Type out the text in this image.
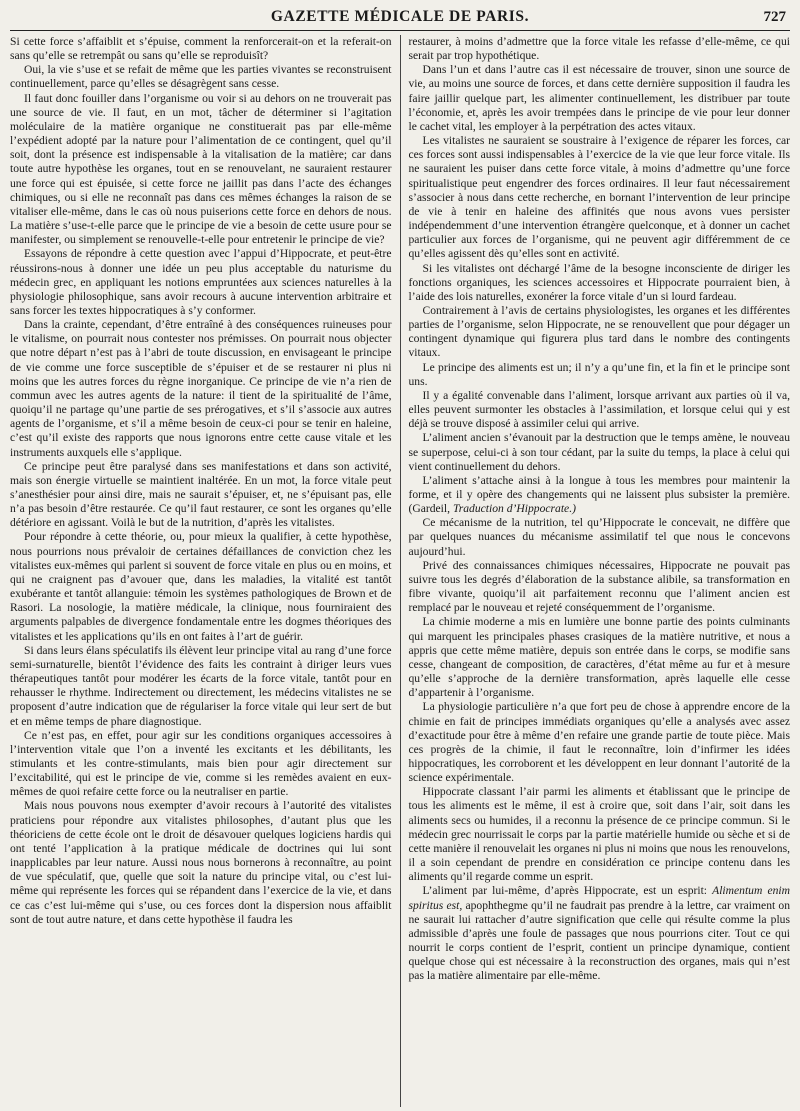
GAZETTE MÉDICALE DE PARIS.	727

Si cette force s’affaiblit et s’épuise, comment la renforcerait-on et la referait-on sans qu’elle se retrempât ou sans qu’elle se reproduisît?

Oui, la vie s’use et se refait de même que les parties vivantes se reconstruisent continuellement, parce qu’elles se désagrègent sans cesse.

Il faut donc fouiller dans l’organisme ou voir si au dehors on ne trouverait pas une source de vie. Il faut, en un mot, tâcher de déterminer si l’agitation moléculaire de la matière organique ne constituerait pas par elle-même l’expédient adopté par la nature pour l’alimentation de ce contingent, quel qu’il soit, dont la présence est indispensable à la vitalisation de la matière; car dans toute autre hypothèse les organes, tout en se renouvelant, ne sauraient restaurer une force qui est épuisée, si cette force ne jaillit pas dans l’acte des échanges chimiques, ou si elle ne reconnaît pas dans ces mêmes échanges la raison de se vitaliser elle-même, dans le cas où nous puiserions cette force en dehors de nous. La matière s’use-t-elle parce que le principe de vie a besoin de cette usure pour se manifester, ou simplement se renouvelle-t-elle pour entretenir le principe de vie?

Essayons de répondre à cette question avec l’appui d’Hippocrate, et peut-être réussirons-nous à donner une idée un peu plus acceptable du naturisme du médecin grec, en appliquant les notions empruntées aux sciences naturelles à la physiologie philosophique, sans avoir recours à aucune intervention arbitraire et sans forcer les textes hippocratiques à s’y conformer.

Dans la crainte, cependant, d’être entraîné à des conséquences ruineuses pour le vitalisme, on pourrait nous contester nos prémisses. On pourrait nous objecter que notre départ n’est pas à l’abri de toute discussion, en envisageant le principe de vie comme une force susceptible de s’épuiser et de se restaurer ni plus ni moins que les autres forces du règne inorganique. Ce principe de vie n’a rien de commun avec les autres agents de la nature: il tient de la spiritualité de l’âme, quoiqu’il ne partage qu’une partie de ses prérogatives, et s’il s’associe aux autres agents de l’organisme, et s’il a même besoin de ceux-ci pour se tenir en haleine, c’est qu’il existe des rapports que nous ignorons entre cette cause vitale et les instruments auxquels elle s’applique.

Ce principe peut être paralysé dans ses manifestations et dans son activité, mais son énergie virtuelle se maintient inaltérée. En un mot, la force vitale peut s’anesthésier pour ainsi dire, mais ne saurait s’épuiser, et, ne s’épuisant pas, elle n’a pas besoin d’être restaurée. Ce qu’il faut restaurer, ce sont les organes qu’elle détériore en agissant. Voilà le but de la nutrition, d’après les vitalistes.

Pour répondre à cette théorie, ou, pour mieux la qualifier, à cette hypothèse, nous pourrions nous prévaloir de certaines défaillances de conviction chez les vitalistes eux-mêmes qui parlent si souvent de force vitale en plus ou en moins, et qui ne craignent pas d’avouer que, dans les maladies, la vitalité est tantôt exubérante et tantôt allanguie: témoin les systèmes pathologiques de Brown et de Rasori. La nosologie, la matière médicale, la clinique, nous fourniraient des arguments palpables de divergence fondamentale entre les dogmes théoriques des vitalistes et les applications qu’ils en ont faites à l’art de guérir.

Si dans leurs élans spéculatifs ils élèvent leur principe vital au rang d’une force semi-surnaturelle, bientôt l’évidence des faits les contraint à diriger leurs vues thérapeutiques tantôt pour modérer les écarts de la force vitale, tantôt pour en rehausser le rhythme. Indirectement ou directement, les médecins vitalistes ne se proposent d’autre indication que de régulariser la force vitale qui leur sert de but et en même temps de phare diagnostique.

Ce n’est pas, en effet, pour agir sur les conditions organiques accessoires à l’intervention vitale que l’on a inventé les excitants et les débilitants, les stimulants et les contre-stimulants, mais bien pour agir directement sur l’excitabilité, qui est le principe de vie, comme si les remèdes avaient en eux-mêmes de quoi refaire cette force ou la neutraliser en partie.

Mais nous pouvons nous exempter d’avoir recours à l’autorité des vitalistes praticiens pour répondre aux vitalistes philosophes, d’autant plus que les théoriciens de cette école ont le droit de désavouer quelques logiciens hardis qui ont tenté l’application à la pratique médicale de doctrines qui lui sont inapplicables par leur nature. Aussi nous nous bornerons à reconnaître, au point de vue spéculatif, que, quelle que soit la nature du principe vital, ou c’est lui-même qui représente les forces qui se répandent dans l’exercice de la vie, et dans ce cas c’est lui-même qui s’use, ou ces forces dont la dispersion nous affaiblit sont de tout autre nature, et dans cette hypothèse il faudra les

restaurer, à moins d’admettre que la force vitale les refasse d’elle-même, ce qui serait par trop hypothétique.

Dans l’un et dans l’autre cas il est nécessaire de trouver, sinon une source de vie, au moins une source de forces, et dans cette dernière supposition il faudra les faire jaillir quelque part, les alimenter continuellement, les distribuer par toute l’économie, et, après les avoir trempées dans le principe de vie pour leur donner le cachet vital, les employer à la perpétration des actes vitaux.

Les vitalistes ne sauraient se soustraire à l’exigence de réparer les forces, car ces forces sont aussi indispensables à l’exercice de la vie que leur force vitale. Ils ne sauraient les puiser dans cette force vitale, à moins d’admettre qu’une force spiritualistique peut engendrer des forces ordinaires. Il leur faut nécessairement s’associer à nous dans cette recherche, en bornant l’intervention de leur principe de vie à tenir en haleine des affinités que nous avons vues persister indépendemment d’une intervention étrangère quelconque, et à donner un cachet particulier aux forces de l’organisme, qui ne peuvent agir différemment de ce qu’elles agissent dès qu’elles sont en activité.

Si les vitalistes ont déchargé l’âme de la besogne inconsciente de diriger les fonctions organiques, les sciences accessoires et Hippocrate pourraient bien, à l’aide des lois naturelles, exonérer la force vitale d’un si lourd fardeau.

Contrairement à l’avis de certains physiologistes, les organes et les différentes parties de l’organisme, selon Hippocrate, ne se renouvellent que pour dégager un contingent dynamique qui figurera plus tard dans le nombre des contingents vitaux.

Le principe des aliments est un; il n’y a qu’une fin, et la fin et le principe sont uns.

Il y a égalité convenable dans l’aliment, lorsque arrivant aux parties où il va, elles peuvent surmonter les obstacles à l’assimilation, et lorsque celui qui y est déjà se trouve disposé à assimiler celui qui arrive.

L’aliment ancien s’évanouit par la destruction que le temps amène, le nouveau se superpose, celui-ci à son tour cédant, par la suite du temps, la place à celui qui vient continuellement du dehors.

L’aliment s’attache ainsi à la longue à tous les membres pour maintenir la forme, et il y opère des changements qui ne laissent plus subsister la première. (Gardeil, Traduction d’Hippocrate.)

Ce mécanisme de la nutrition, tel qu’Hippocrate le concevait, ne diffère que par quelques nuances du mécanisme assimilatif tel que nous le concevons aujourd’hui.

Privé des connaissances chimiques nécessaires, Hippocrate ne pouvait pas suivre tous les degrés d’élaboration de la substance alibile, sa transformation en fibre vivante, quoiqu’il ait parfaitement reconnu que l’aliment ancien est remplacé par le nouveau et rejeté conséquemment de l’organisme.

La chimie moderne a mis en lumière une bonne partie des points culminants qui marquent les principales phases crasiques de la matière nutritive, et nous a appris que cette même matière, depuis son entrée dans le corps, se modifie sans cesse, changeant de composition, de caractères, d’état même au fur et à mesure qu’elle s’approche de la dernière transformation, après laquelle elle cesse d’appartenir à l’organisme.

La physiologie particulière n’a que fort peu de chose à apprendre encore de la chimie en fait de principes immédiats organiques qu’elle a analysés avec assez d’exactitude pour être à même d’en refaire une grande partie de toute pièce. Mais ces progrès de la chimie, il faut le reconnaître, loin d’infirmer les idées hippocratiques, les corroborent et les développent en leur donnant l’autorité de la science expérimentale.

Hippocrate classant l’air parmi les aliments et établissant que le principe de tous les aliments est le même, il est à croire que, soit dans l’air, soit dans les aliments secs ou humides, il a reconnu la présence de ce principe commun. Si le médecin grec nourrissait le corps par la partie matérielle humide ou sèche et si de cette manière il renouvelait les organes ni plus ni moins que nous les renouvelons, il a soin cependant de prendre en considération ce principe contenu dans les aliments qu’il regarde comme un esprit.

L’aliment par lui-même, d’après Hippocrate, est un esprit: Alimentum enim spiritus est, apophthegme qu’il ne faudrait pas prendre à la lettre, car vraiment on ne saurait lui rattacher d’autre signification que celle qui résulte comme la plus admissible d’après une foule de passages que nous pourrions citer. Tout ce qui nourrit le corps contient de l’esprit, contient un principe dynamique, contient quelque chose qui est nécessaire à la reconstruction des organes, mais qui n’est pas la matière alimentaire par elle-même.
